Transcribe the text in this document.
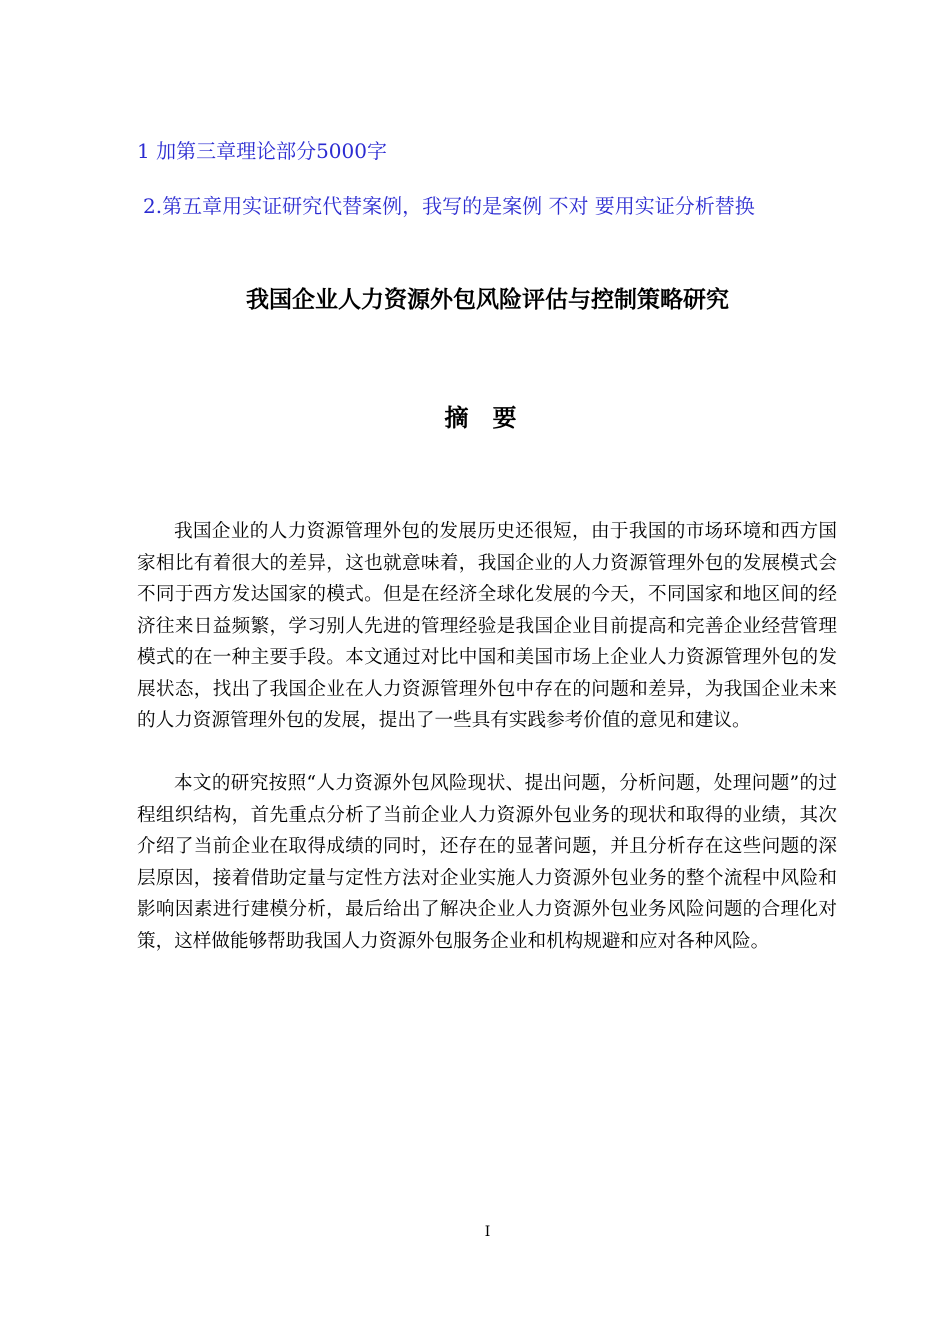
1 加第三章理论部分5000字

2.第五章用实证研究代替案例，我写的是案例 不对 要用实证分析替换

我国企业人力资源外包风险评估与控制策略研究
摘要

我国企业的人力资源管理外包的发展历史还很短，由于我国的市场环境和西方国家相比有着很大的差异，这也就意味着，我国企业的人力资源管理外包的发展模式会不同于西方发达国家的模式。但是在经济全球化发展的今天，不同国家和地区间的经济往来日益频繁，学习别人先进的管理经验是我国企业目前提高和完善企业经营管理模式的在一种主要手段。本文通过对比中国和美国市场上企业人力资源管理外包的发展状态，找出了我国企业在人力资源管理外包中存在的问题和差异，为我国企业未来的人力资源管理外包的发展，提出了一些具有实践参考价值的意见和建议。

本文的研究按照“人力资源外包风险现状、提出问题，分析问题，处理问题”的过程组织结构，首先重点分析了当前企业人力资源外包业务的现状和取得的业绩，其次介绍了当前企业在取得成绩的同时，还存在的显著问题，并且分析存在这些问题的深层原因，接着借助定量与定性方法对企业实施人力资源外包业务的整个流程中风险和影响因素进行建模分析，最后给出了解决企业人力资源外包业务风险问题的合理化对策，这样做能够帮助我国人力资源外包服务企业和机构规避和应对各种风险。

I
